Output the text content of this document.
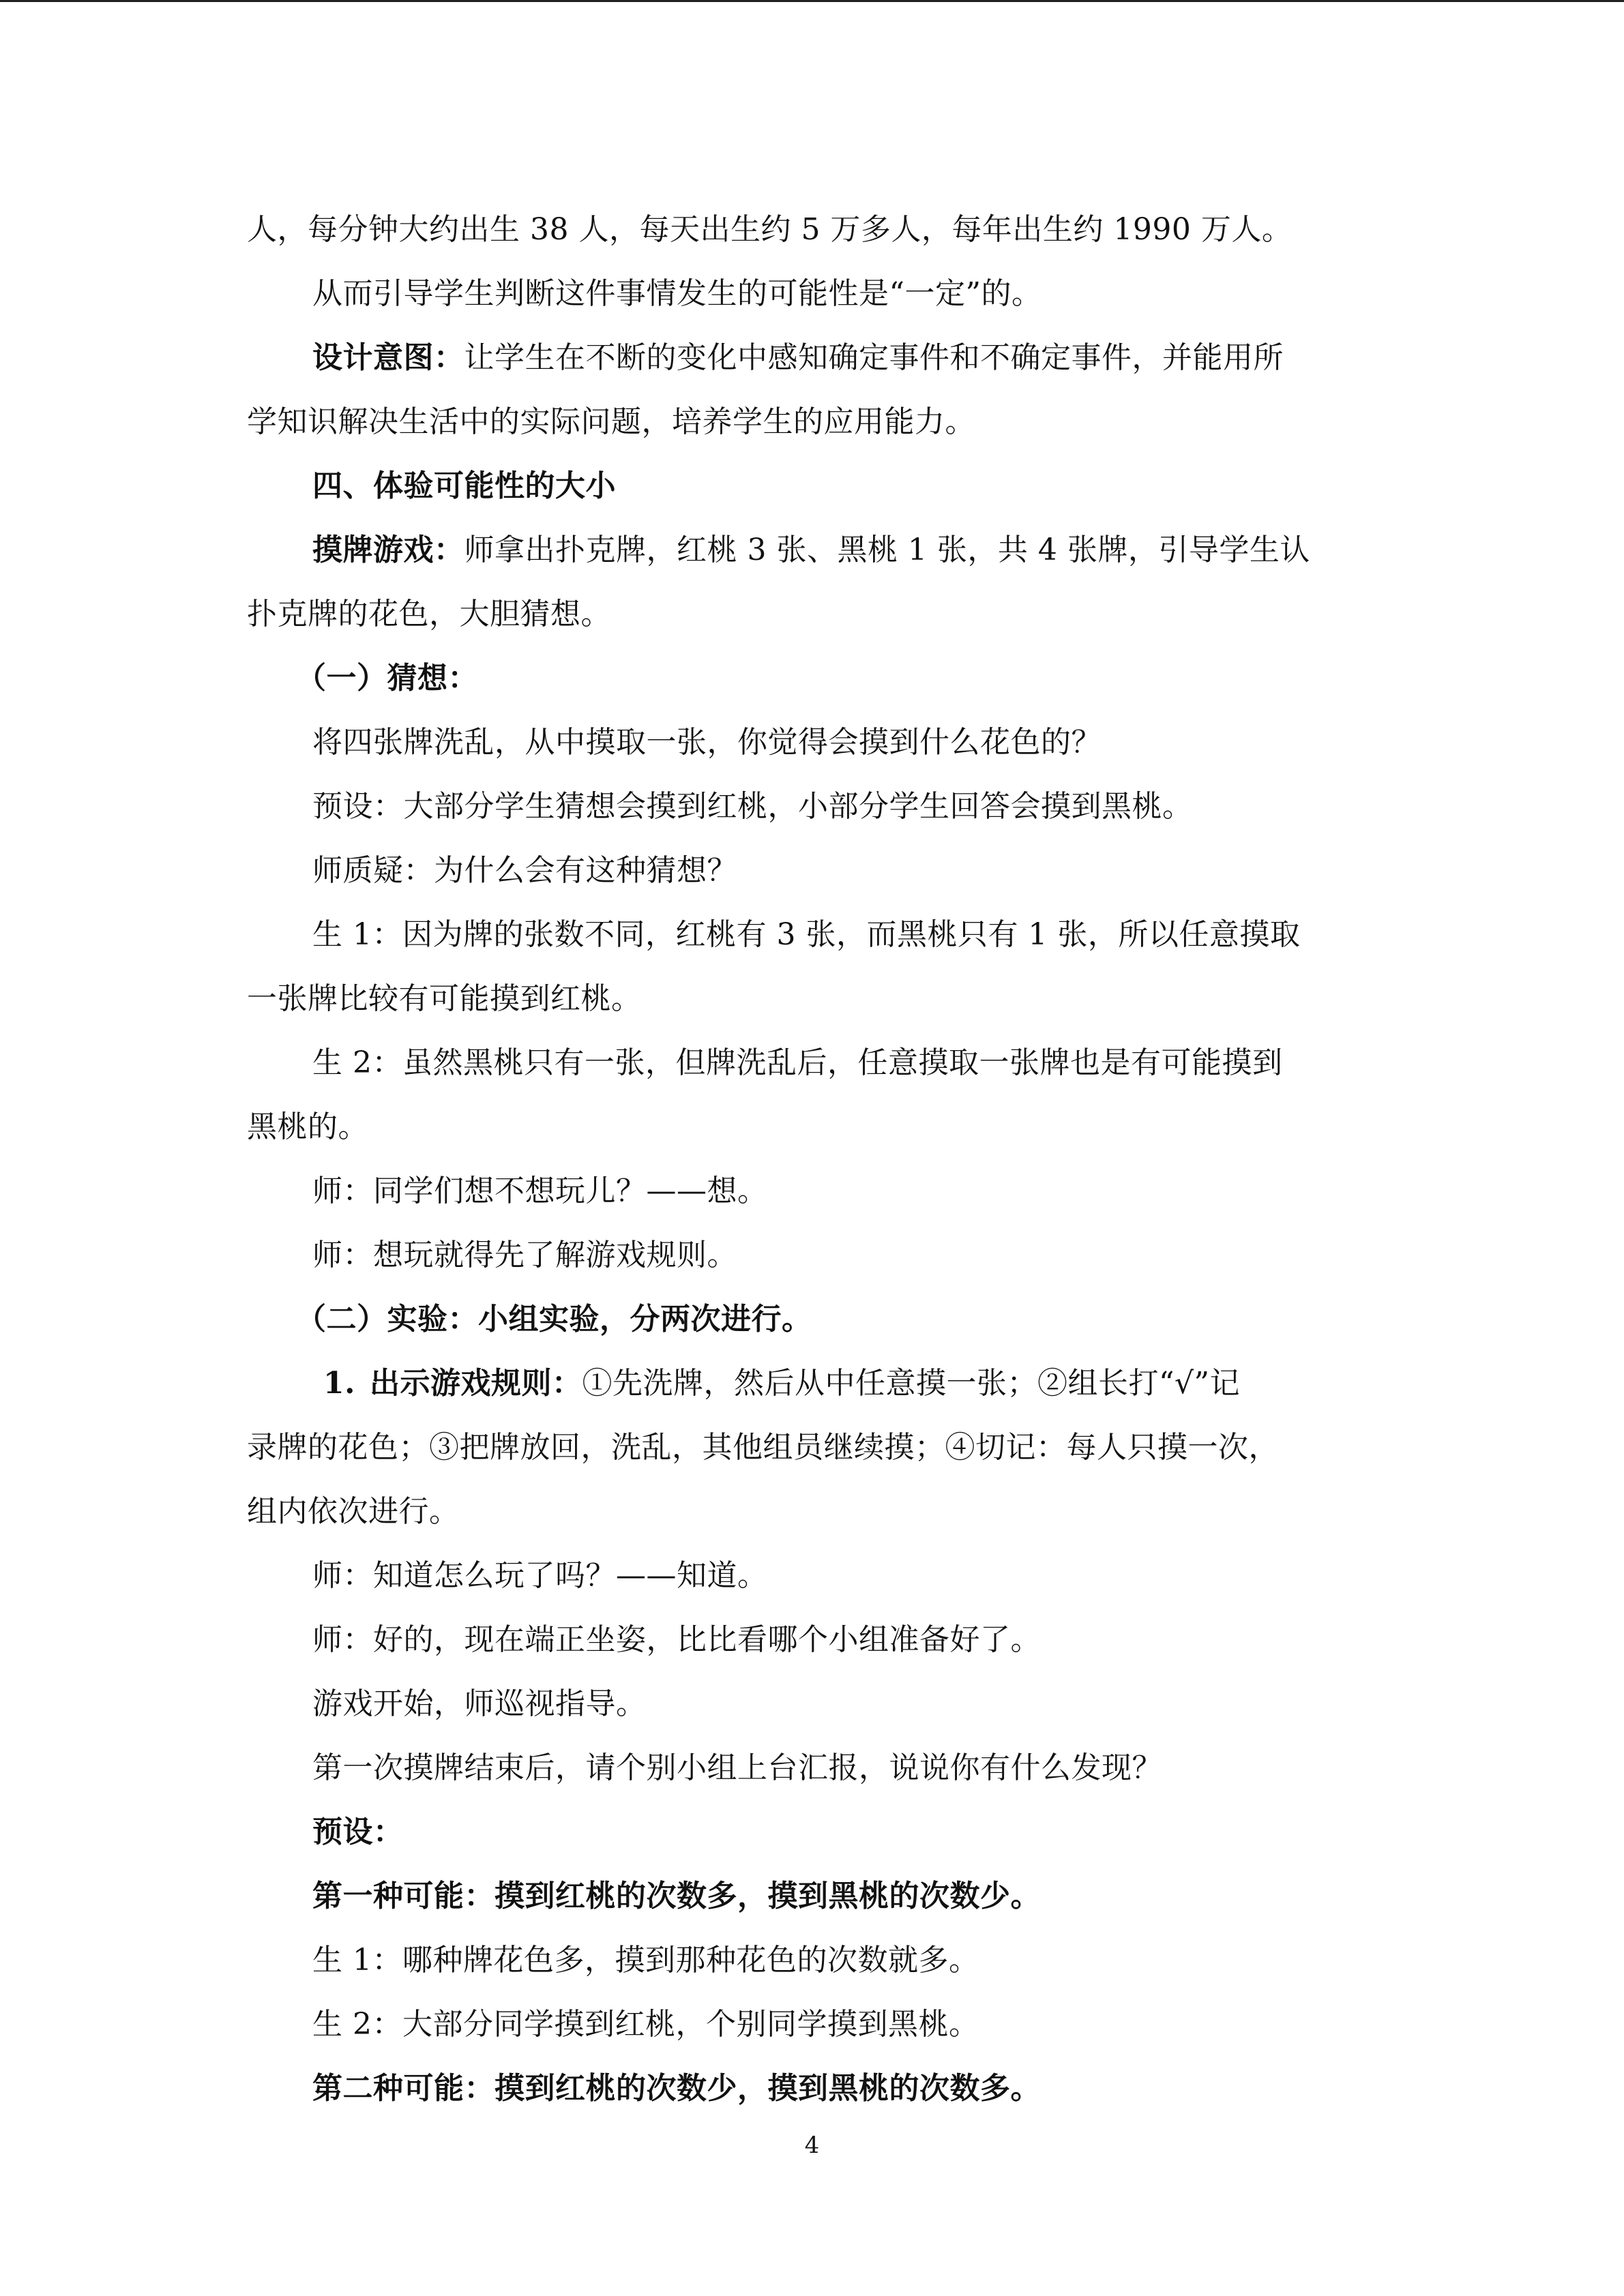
人，每分钟大约出生 38 人，每天出生约 5 万多人，每年出生约 1990 万人。
从而引导学生判断这件事情发生的可能性是“一定”的。
设计意图：让学生在不断的变化中感知确定事件和不确定事件，并能用所
学知识解决生活中的实际问题，培养学生的应用能力。
四、体验可能性的大小
摸牌游戏：师拿出扑克牌，红桃 3 张、黑桃 1 张，共 4 张牌，引导学生认
扑克牌的花色，大胆猜想。
（一）猜想：
将四张牌洗乱，从中摸取一张，你觉得会摸到什么花色的？
预设：大部分学生猜想会摸到红桃，小部分学生回答会摸到黑桃。
师质疑：为什么会有这种猜想？
生 1：因为牌的张数不同，红桃有 3 张，而黑桃只有 1 张，所以任意摸取
一张牌比较有可能摸到红桃。
生 2：虽然黑桃只有一张，但牌洗乱后，任意摸取一张牌也是有可能摸到
黑桃的。
师：同学们想不想玩儿？——想。
师：想玩就得先了解游戏规则。
（二）实验：小组实验，分两次进行。
1. 出示游戏规则：①先洗牌，然后从中任意摸一张；②组长打“√”记
录牌的花色；③把牌放回，洗乱，其他组员继续摸；④切记：每人只摸一次，
组内依次进行。
师：知道怎么玩了吗？——知道。
师：好的，现在端正坐姿，比比看哪个小组准备好了。
游戏开始，师巡视指导。
第一次摸牌结束后，请个别小组上台汇报，说说你有什么发现？
预设：
第一种可能：摸到红桃的次数多，摸到黑桃的次数少。
生 1：哪种牌花色多，摸到那种花色的次数就多。
生 2：大部分同学摸到红桃，个别同学摸到黑桃。
第二种可能：摸到红桃的次数少，摸到黑桃的次数多。
4
